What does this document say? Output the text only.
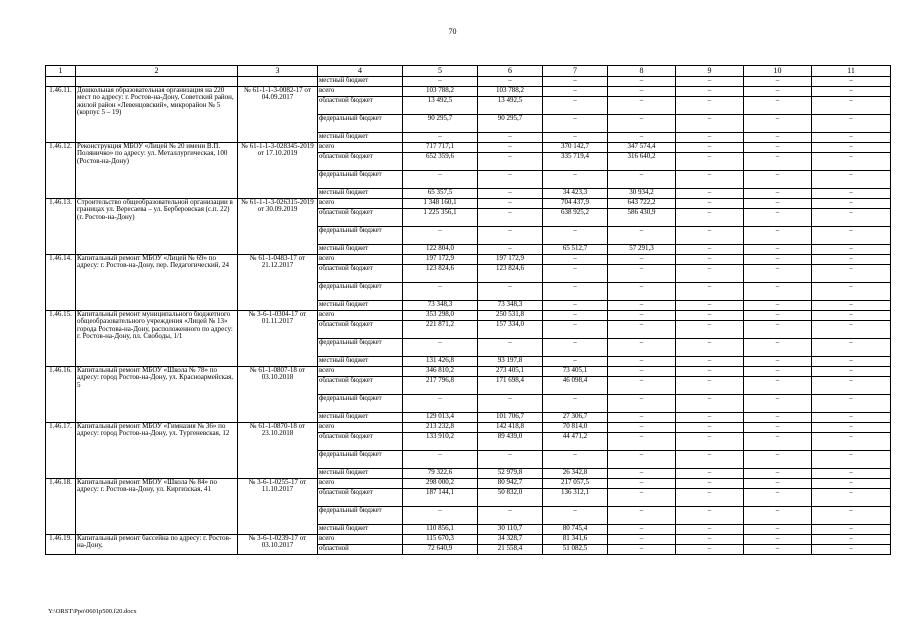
70
1	2	3	4	5	6	7	8	9	10	11
			местный бюджет	–	–	–	–	–	–	–
1.46.11.	Дошкольная образовательная организация на 220 мест по адресу: г. Ростов-на-Дону, Советский район, жилой район «Левенцовский», микрорайон № 5 (корпус 5 – 19)	№ 61-1-1-3-0082-17 от 04.09.2017	всего	103 788,2	103 788,2	–	–	–	–	–
			областной бюджет	13 492,5	13 492,5	–	–	–	–	–
			федеральный бюджет	90 295,7	90 295,7	–	–	–	–	–
			местный бюджет	–	–	–	–	–	–	–
1.46.12.	Реконструкция МБОУ «Лицей № 20 имени В.П. Поляничко» по адресу: ул. Металлургическая, 100 (Ростов-на-Дону)	№ 61-1-1-3-028345-2019 от 17.10.2019	всего	717 717,1	–	370 142,7	347 574,4	–	–	–
			областной бюджет	652 359,6	–	335 719,4	316 640,2	–	–	–
			федеральный бюджет	–	–	–	–	–	–	–
			местный бюджет	65 357,5	–	34 423,3	30 934,2	–	–	–
1.46.13.	Строительство общеобразовательной организации в границах ул. Вересаева – ул. Берберовская (с.п. 22) (г. Ростов-на-Дону)	№ 61-1-1-3-026315-2019 от 30.09.2019	всего	1 348 160,1	–	704 437,9	643 722,2	–	–	–
			областной бюджет	1 225 356,1	–	638 925,2	586 430,9	–	–	–
			федеральный бюджет	–	–	–	–	–	–	–
			местный бюджет	122 804,0	–	65 512,7	57 291,3	–	–	–
1.46.14.	Капитальный ремонт МБОУ «Лицей № 69» по адресу: г. Ростов-на-Дону, пер. Педагогический, 24	№ 61-1-0483-17 от 21.12.2017	всего	197 172,9	197 172,9	–	–	–	–	–
			областной бюджет	123 824,6	123 824,6	–	–	–	–	–
			федеральный бюджет	–	–	–	–	–	–	–
			местный бюджет	73 348,3	73 348,3	–	–	–	–	–
1.46.15.	Капитальный ремонт муниципального бюджетного общеобразовательного учреждения «Лицей № 13» города Ростова-на-Дону, расположенного по адресу: г. Ростов-на-Дону, пл. Свободы, 1/1	№ 3-6-1-0304-17 от 01.11.2017	всего	353 298,0	250 531,8	–	–	–	–	–
			областной бюджет	221 871,2	157 334,0	–	–	–	–	–
			федеральный бюджет	–	–	–	–	–	–	–
			местный бюджет	131 426,8	93 197,8	–	–	–	–	–
1.46.16.	Капитальный ремонт МБОУ «Школа № 78» по адресу: город Ростов-на-Дону, ул. Красноармейская, 5	№ 61-1-0807-18 от 03.10.2018	всего	346 810,2	273 405,1	73 405,1	–	–	–	–
			областной бюджет	217 796,8	171 698,4	46 098,4	–	–	–	–
			федеральный бюджет	–	–	–	–	–	–	–
			местный бюджет	129 013,4	101 706,7	27 306,7	–	–	–	–
1.46.17.	Капитальный ремонт МБОУ «Гимназия № 36» по адресу: город Ростов-на-Дону, ул. Тургеневская, 12	№ 61-1-0870-18 от 23.10.2018	всего	213 232,8	142 418,8	70 814,0	–	–	–	–
			областной бюджет	133 910,2	89 439,0	44 471,2	–	–	–	–
			федеральный бюджет	–	–	–	–	–	–	–
			местный бюджет	79 322,6	52 979,8	26 342,8	–	–	–	–
1.46.18.	Капитальный ремонт МБОУ «Школа № 84» по адресу: г. Ростов-на-Дону, ул. Киргизская, 41	№ 3-6-1-0255-17 от 11.10.2017	всего	298 000,2	80 942,7	217 057,5	–	–	–	–
			областной бюджет	187 144,1	50 832,0	136 312,1	–	–	–	–
			федеральный бюджет	–	–	–	–	–	–	–
			местный бюджет	110 856,1	30 110,7	80 745,4	–	–	–	–
1.46.19.	Капитальный ремонт бассейна по адресу: г. Ростов-на-Дону,	№ 3-6-1-0239-17 от 03.10.2017	всего	115 670,3	34 328,7	81 341,6	–	–	–	–
			областной	72 640,9	21 558,4	51 082,5	–	–	–	–
Y:\ORST\Ppo\0601p500.f20.docx
